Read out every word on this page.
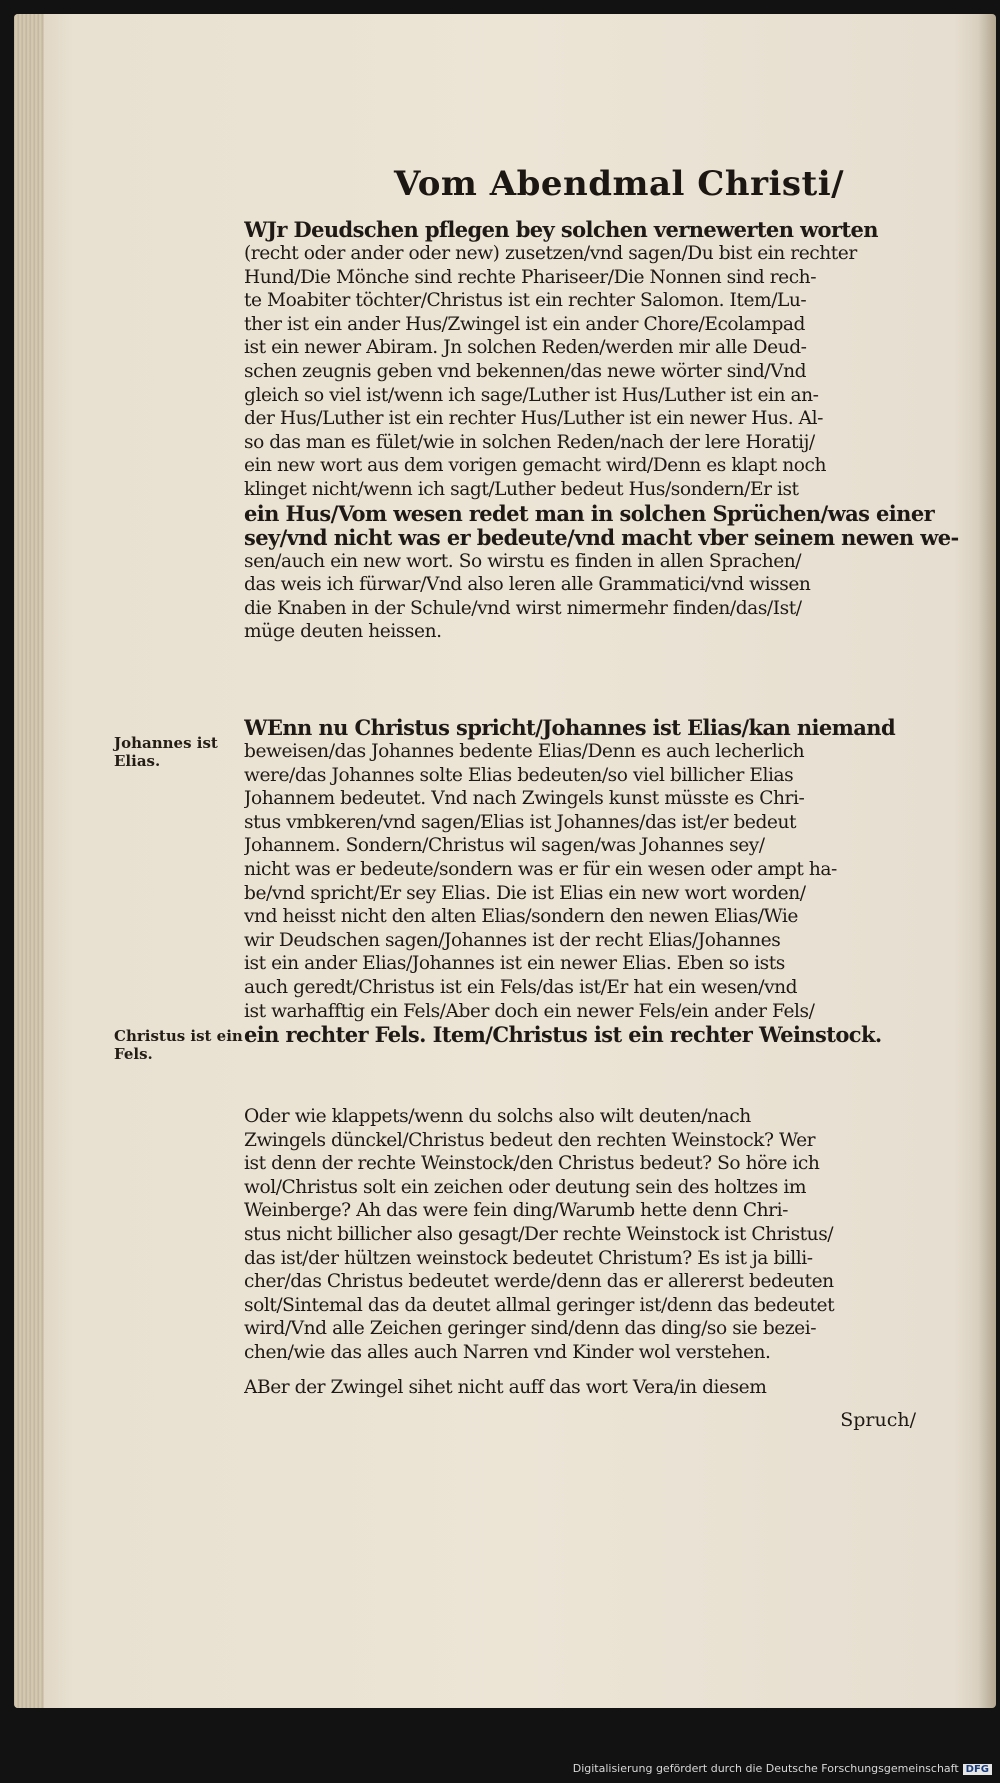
Vom Abendmal Christi/
WJr Deudschen pflegen bey solchen vernewerten worten
(recht oder ander oder new) zusetzen/vnd sagen/Du bist ein rechter
Hund/Die Mönche sind rechte Phariseer/Die Nonnen sind rech-
te Moabiter töchter/Christus ist ein rechter Salomon. Item/Lu-
ther ist ein ander Hus/Zwingel ist ein ander Chore/Ecolampad
ist ein newer Abiram. Jn solchen Reden/werden mir alle Deud-
schen zeugnis geben vnd bekennen/das newe wörter sind/Vnd
gleich so viel ist/wenn ich sage/Luther ist Hus/Luther ist ein an-
der Hus/Luther ist ein rechter Hus/Luther ist ein newer Hus. Al-
so das man es fület/wie in solchen Reden/nach der lere Horatij/
ein new wort aus dem vorigen gemacht wird/Denn es klapt noch
klinget nicht/wenn ich sagt/Luther bedeut Hus/sondern/Er ist
ein Hus/Vom wesen redet man in solchen Sprüchen/was einer
sey/vnd nicht was er bedeute/vnd macht vber seinem newen we-
sen/auch ein new wort. So wirstu es finden in allen Sprachen/
das weis ich fürwar/Vnd also leren alle Grammatici/vnd wissen
die Knaben in der Schule/vnd wirst nimermehr finden/das/Ist/
müge deuten heissen.
Johannes ist
Elias.
WEnn nu Christus spricht/Johannes ist Elias/kan niemand
beweisen/das Johannes bedente Elias/Denn es auch lecherlich
were/das Johannes solte Elias bedeuten/so viel billicher Elias
Johannem bedeutet. Vnd nach Zwingels kunst müsste es Chri-
stus vmbkeren/vnd sagen/Elias ist Johannes/das ist/er bedeut
Johannem. Sondern/Christus wil sagen/was Johannes sey/
nicht was er bedeute/sondern was er für ein wesen oder ampt ha-
be/vnd spricht/Er sey Elias. Die ist Elias ein new wort worden/
vnd heisst nicht den alten Elias/sondern den newen Elias/Wie
wir Deudschen sagen/Johannes ist der recht Elias/Johannes
ist ein ander Elias/Johannes ist ein newer Elias. Eben so ists
auch geredt/Christus ist ein Fels/das ist/Er hat ein wesen/vnd
ist warhafftig ein Fels/Aber doch ein newer Fels/ein ander Fels/
ein rechter Fels. Item/Christus ist ein rechter Weinstock.
Christus ist ein
Fels.
Oder wie klappets/wenn du solchs also wilt deuten/nach
Zwingels dünckel/Christus bedeut den rechten Weinstock? Wer
ist denn der rechte Weinstock/den Christus bedeut? So höre ich
wol/Christus solt ein zeichen oder deutung sein des holtzes im
Weinberge? Ah das were fein ding/Warumb hette denn Chri-
stus nicht billicher also gesagt/Der rechte Weinstock ist Christus/
das ist/der hültzen weinstock bedeutet Christum? Es ist ja billi-
cher/das Christus bedeutet werde/denn das er allererst bedeuten
solt/Sintemal das da deutet allmal geringer ist/denn das bedeutet
wird/Vnd alle Zeichen geringer sind/denn das ding/so sie bezei-
chen/wie das alles auch Narren vnd Kinder wol verstehen.
ABer der Zwingel sihet nicht auff das wort Vera/in diesem
Spruch/
Digitalisierung gefördert durch die Deutsche Forschungsgemeinschaft DFG
